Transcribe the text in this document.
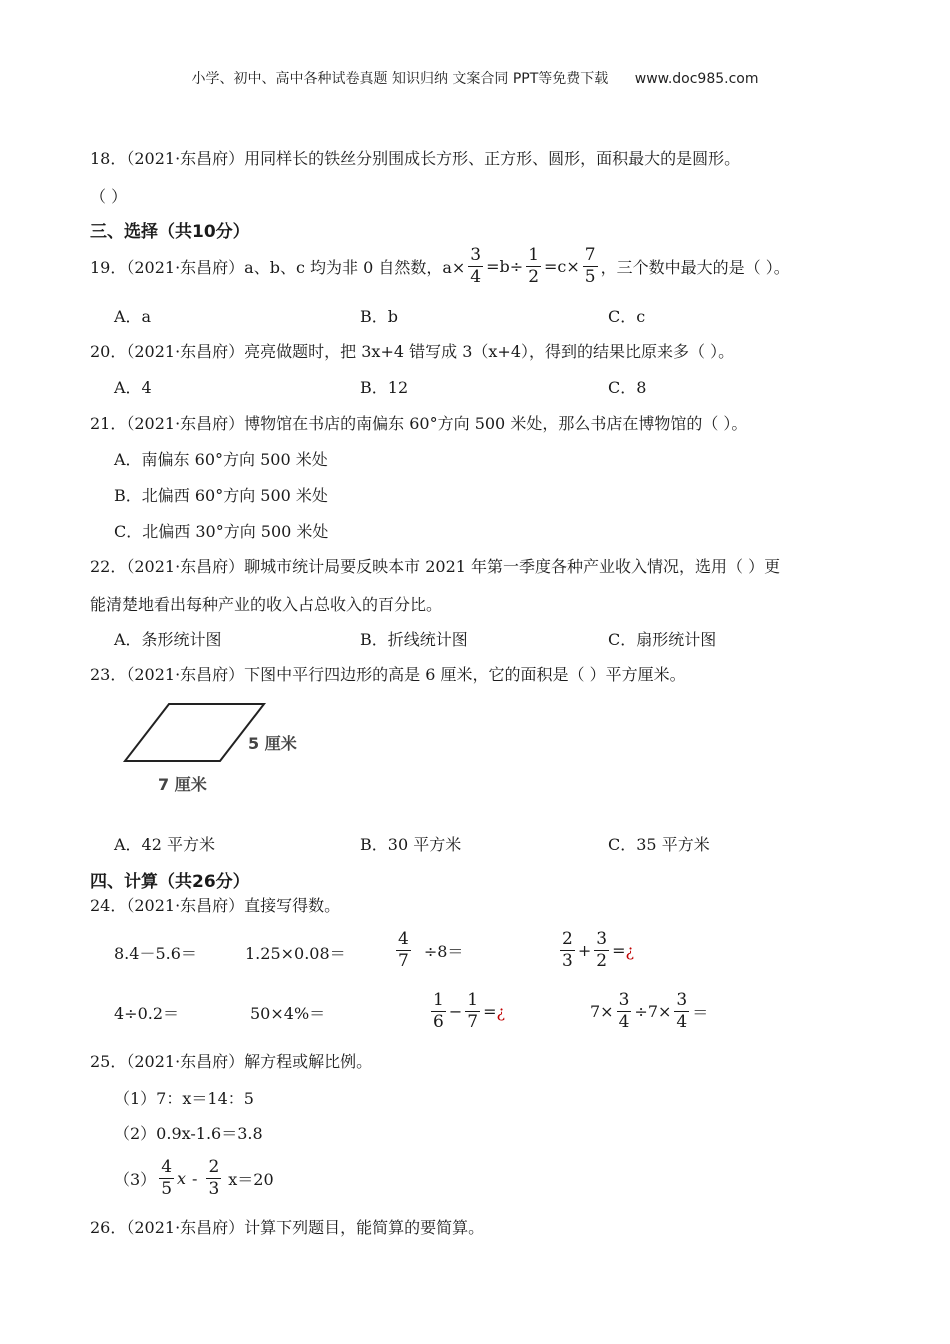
小学、初中、高中各种试卷真题 知识归纳 文案合同 PPT等免费下载 www.doc985.com
18．（2021·东昌府）用同样长的铁丝分别围成长方形、正方形、圆形，面积最大的是圆形。
（ ）
三、选择（共10分）
19．（2021·东昌府）a、b、c 均为非 0 自然数，$a\times \frac{3}{4} =b\div \frac{1}{2} =c\times \frac{7}{5}$ ，三个数中最大的是（ ）。
A．a	B．b	C．c
20．（2021·东昌府）亮亮做题时，把 3x+4 错写成 3（x+4），得到的结果比原来多（ ）。
A．4	B．12	C．8
21．（2021·东昌府）博物馆在书店的南偏东 60°方向 500 米处，那么书店在博物馆的（ ）。
A．南偏东 60°方向 500 米处
B．北偏西 60°方向 500 米处
C．北偏西 30°方向 500 米处
22．（2021·东昌府）聊城市统计局要反映本市 2021 年第一季度各种产业收入情况，选用（ ）更
能清楚地看出每种产业的收入占总收入的百分比。
A．条形统计图	B．折线统计图	C．扇形统计图
23．（2021·东昌府）下图中平行四边形的高是 6 厘米，它的面积是（ ）平方厘米。
5 厘米
7 厘米
A．42 平方米	B．30 平方米	C．35 平方米
四、计算（共26分）
24．（2021·东昌府）直接写得数。
8.4－5.6＝	1.25×0.08＝	$\frac{4}{7} \div 8=$	$\frac{2}{3} + \frac{3}{2}$ = ¿
4÷0.2＝	50×4%＝	$\frac{1}{6} - \frac{1}{7}$ = ¿	$7\times \frac{3}{4} \div 7\times \frac{3}{4}$ ＝
25．（2021·东昌府）解方程或解比例。
（1）7：x＝14：5
（2）0.9x-1.6＝3.8
$(3) \frac{4}{5}$ $x - \frac{2}{3} x=20$
26．（2021·东昌府）计算下列题目，能简算的要简算。
